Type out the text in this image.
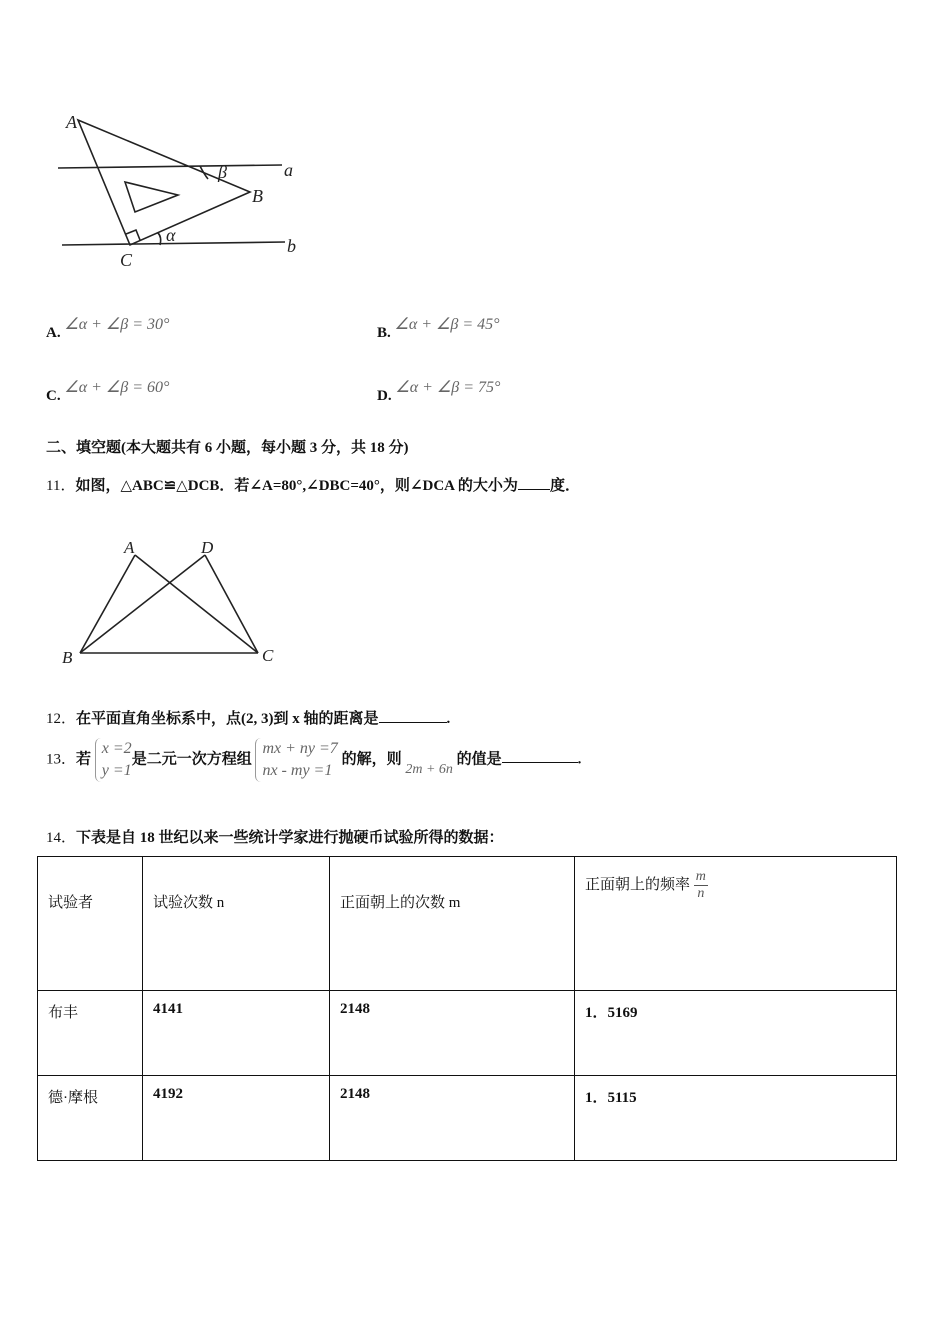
A
B
C
a
b
β
α
A. ∠α + ∠β = 30°	B. ∠α + ∠β = 45°
C. ∠α + ∠β = 60°	D. ∠α + ∠β = 75°
二、填空题(本大题共有 6 小题，每小题 3 分，共 18 分)
11．如图，△ABC≌△DCB．若∠A=80°,∠DBC=40°，则∠DCA 的大小为 度．
A	D
B	C
12．在平面直角坐标系中，点(2, 3)到 x 轴的距离是	.
13．若
x =2
y =1
是二元一次方程组
mx + ny =7
nx - my =1
的解，则 2m + 6n 的值是	.
14．下表是自 18 世纪以来一些统计学家进行抛硬币试验所得的数据：
试验者	试验次数 n	正面朝上的次数 m	正面朝上的频率 $\frac{m}{n}$

布丰	4141	2148	1．5169
德·摩根	4192	2148	1．5115
